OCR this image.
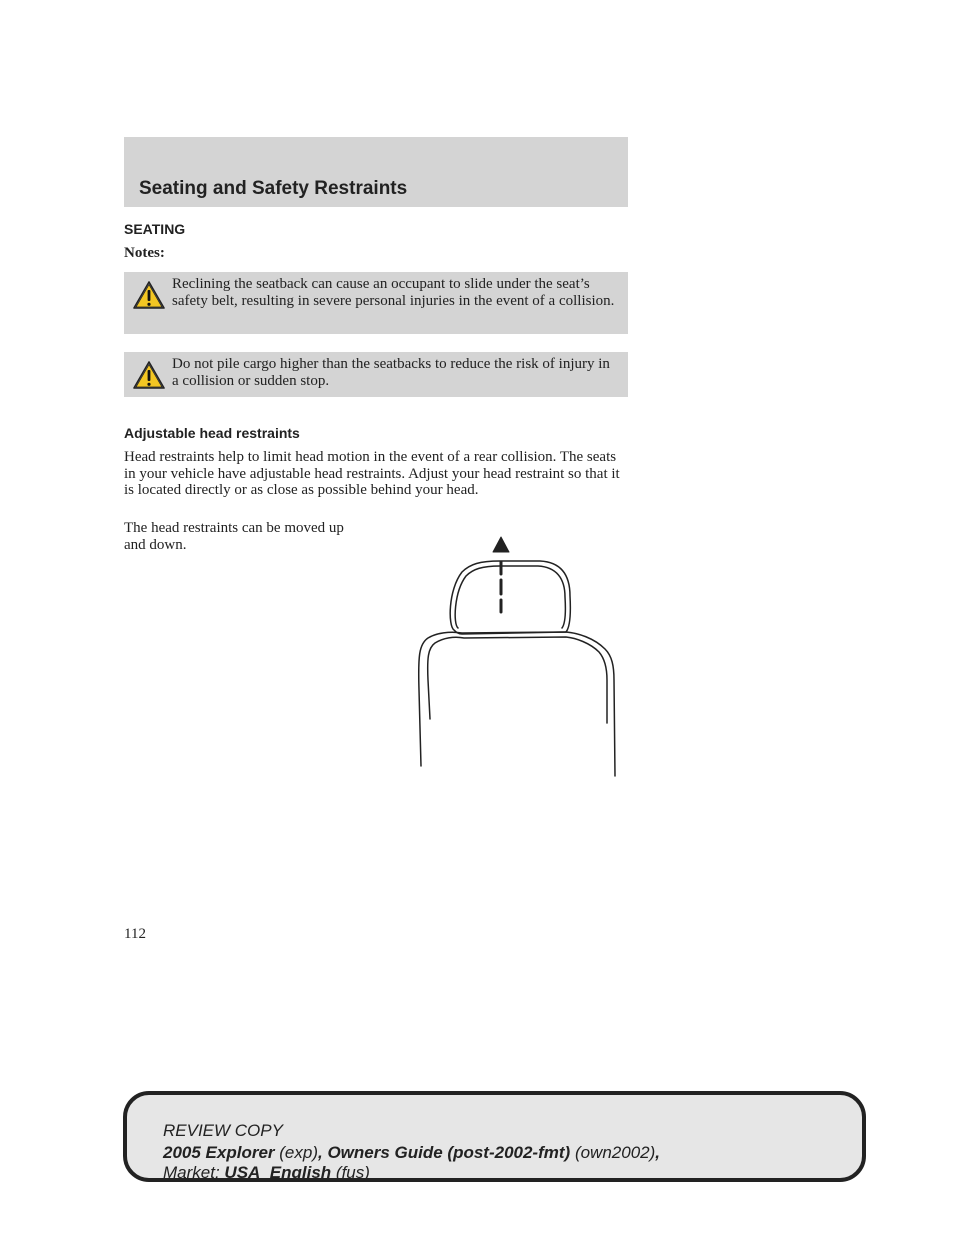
Seating and Safety Restraints
SEATING
Notes:
Reclining the seatback can cause an occupant to slide under the seat’s safety belt, resulting in severe personal injuries in the event of a collision.
Do not pile cargo higher than the seatbacks to reduce the risk of injury in a collision or sudden stop.
Adjustable head restraints

Head restraints help to limit head motion in the event of a rear collision. The seats in your vehicle have adjustable head restraints. Adjust your head restraint so that it is located directly or as close as possible behind your head.

The head restraints can be moved up and down.

112
REVIEW COPY
2005 Explorer (exp), Owners Guide (post-2002-fmt) (own2002),
Market: USA_English (fus)
